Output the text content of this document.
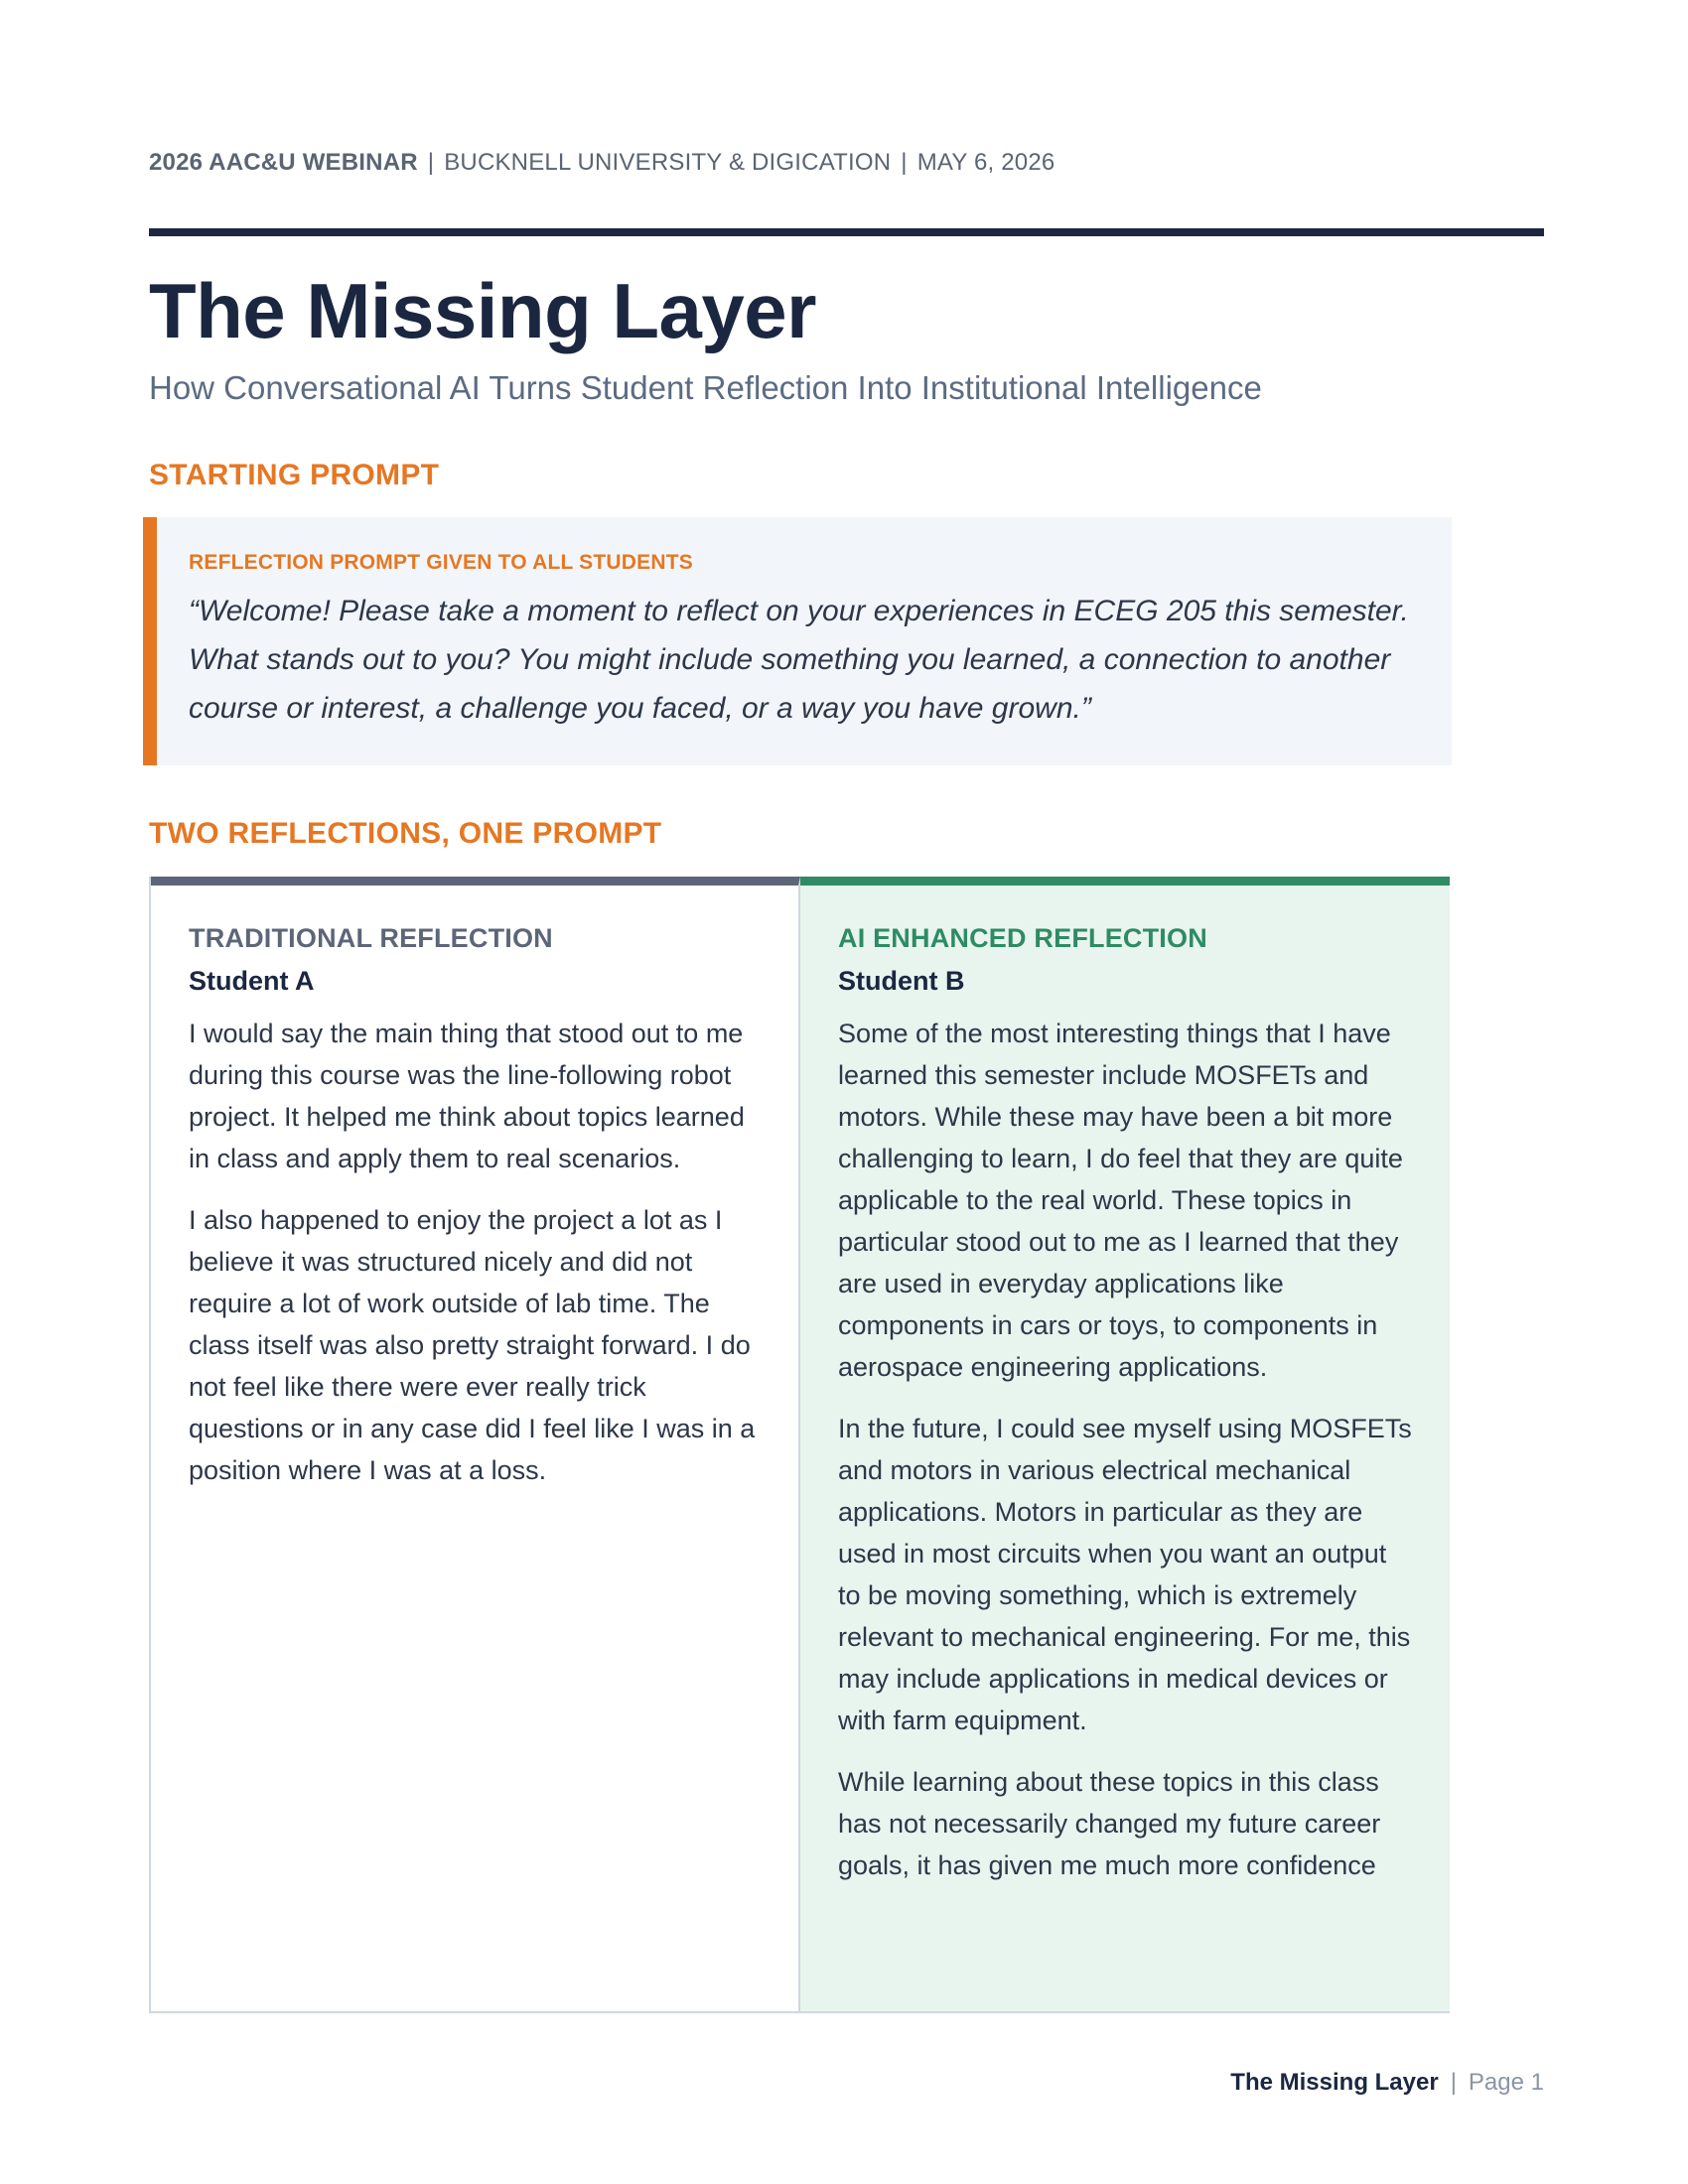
2026 AAC&U WEBINAR | BUCKNELL UNIVERSITY & DIGICATION | MAY 6, 2026
The Missing Layer
How Conversational AI Turns Student Reflection Into Institutional Intelligence
STARTING PROMPT
REFLECTION PROMPT GIVEN TO ALL STUDENTS
“Welcome! Please take a moment to reflect on your experiences in ECEG 205 this semester. What stands out to you? You might include something you learned, a connection to another course or interest, a challenge you faced, or a way you have grown.”
TWO REFLECTIONS, ONE PROMPT
TRADITIONAL REFLECTION
Student A

I would say the main thing that stood out to me during this course was the line-following robot project. It helped me think about topics learned in class and apply them to real scenarios.

I also happened to enjoy the project a lot as I believe it was structured nicely and did not require a lot of work outside of lab time. The class itself was also pretty straight forward. I do not feel like there were ever really trick questions or in any case did I feel like I was in a position where I was at a loss.

AI ENHANCED REFLECTION
Student B

Some of the most interesting things that I have learned this semester include MOSFETs and motors. While these may have been a bit more challenging to learn, I do feel that they are quite applicable to the real world. These topics in particular stood out to me as I learned that they are used in everyday applications like components in cars or toys, to components in aerospace engineering applications.

In the future, I could see myself using MOSFETs and motors in various electrical mechanical applications. Motors in particular as they are used in most circuits when you want an output to be moving something, which is extremely relevant to mechanical engineering. For me, this may include applications in medical devices or with farm equipment.

While learning about these topics in this class has not necessarily changed my future career goals, it has given me much more confidence

The Missing Layer | Page 1
